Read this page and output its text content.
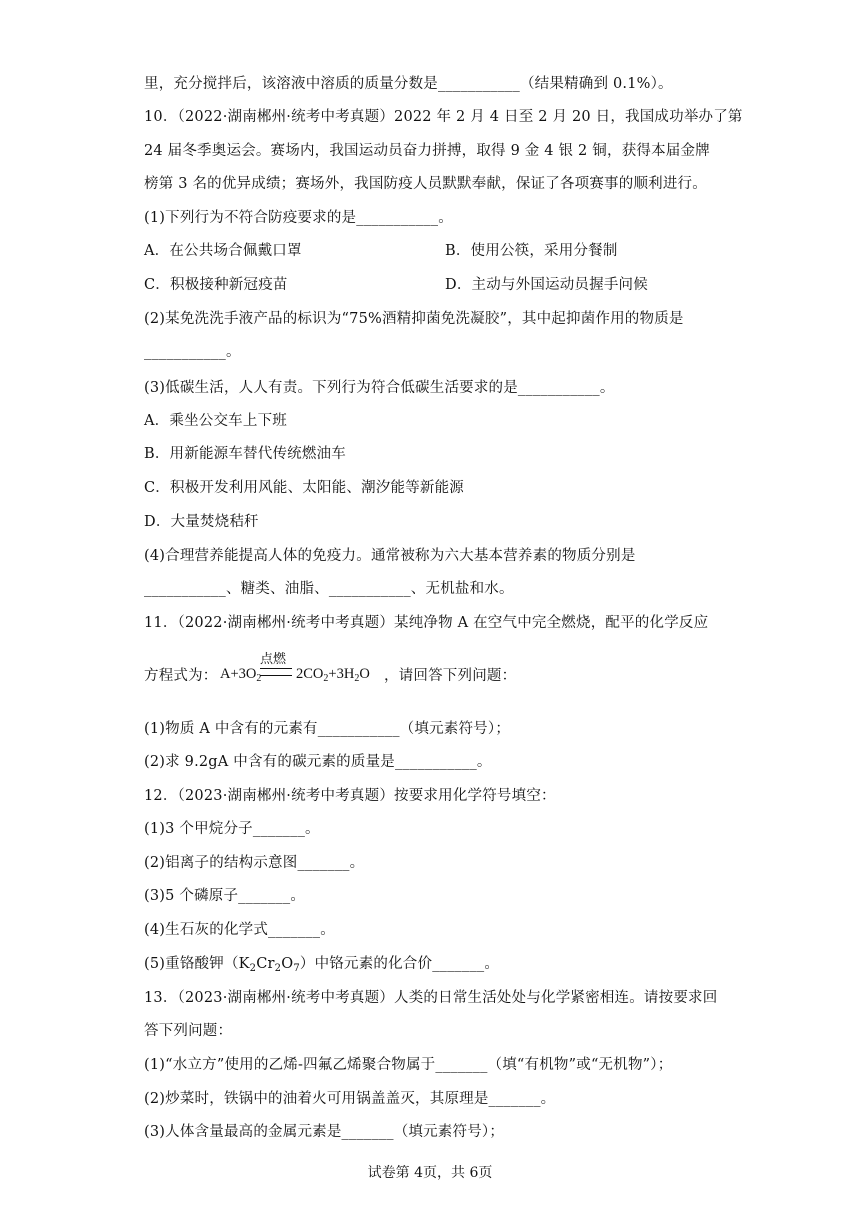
里，充分搅拌后，该溶液中溶质的质量分数是___________（结果精确到 0.1%）。
10．（2022·湖南郴州·统考中考真题）2022 年 2 月 4 日至 2 月 20 日，我国成功举办了第
24 届冬季奥运会。赛场内，我国运动员奋力拼搏，取得 9 金 4 银 2 铜，获得本届金牌
榜第 3 名的优异成绩；赛场外，我国防疫人员默默奉献，保证了各项赛事的顺利进行。
(1)下列行为不符合防疫要求的是___________。
A．在公共场合佩戴口罩	B．使用公筷，采用分餐制
C．积极接种新冠疫苗	D．主动与外国运动员握手问候
(2)某免洗洗手液产品的标识为“75%酒精抑菌免洗凝胶”，其中起抑菌作用的物质是
___________。
(3)低碳生活，人人有责。下列行为符合低碳生活要求的是___________。
A．乘坐公交车上下班
B．用新能源车替代传统燃油车
C．积极开发利用风能、太阳能、潮汐能等新能源
D．大量焚烧秸秆
(4)合理营养能提高人体的免疫力。通常被称为六大基本营养素的物质分别是
___________、糖类、油脂、___________、无机盐和水。
11．（2022·湖南郴州·统考中考真题）某纯净物 A 在空气中完全燃烧，配平的化学反应
方程式为： $A+3O_2$
点燃
$2CO_2+3H_2O$ ，请回答下列问题：
(1)物质 A 中含有的元素有___________（填元素符号）；
(2)求 9.2gA 中含有的碳元素的质量是___________。
12．（2023·湖南郴州·统考中考真题）按要求用化学符号填空：
(1)3 个甲烷分子_______。
(2)铝离子的结构示意图_______。
(3)5 个磷原子_______。
(4)生石灰的化学式_______。
(5)重铬酸钾$(K_2Cr_2O_7)$中铬元素的化合价_______。
13．（2023·湖南郴州·统考中考真题）人类的日常生活处处与化学紧密相连。请按要求回
答下列问题：
(1)“水立方”使用的乙烯-四氟乙烯聚合物属于_______（填“有机物”或“无机物”）；
(2)炒菜时，铁锅中的油着火可用锅盖盖灭，其原理是_______。
(3)人体含量最高的金属元素是_______（填元素符号）；
试卷第 4页，共 6页
